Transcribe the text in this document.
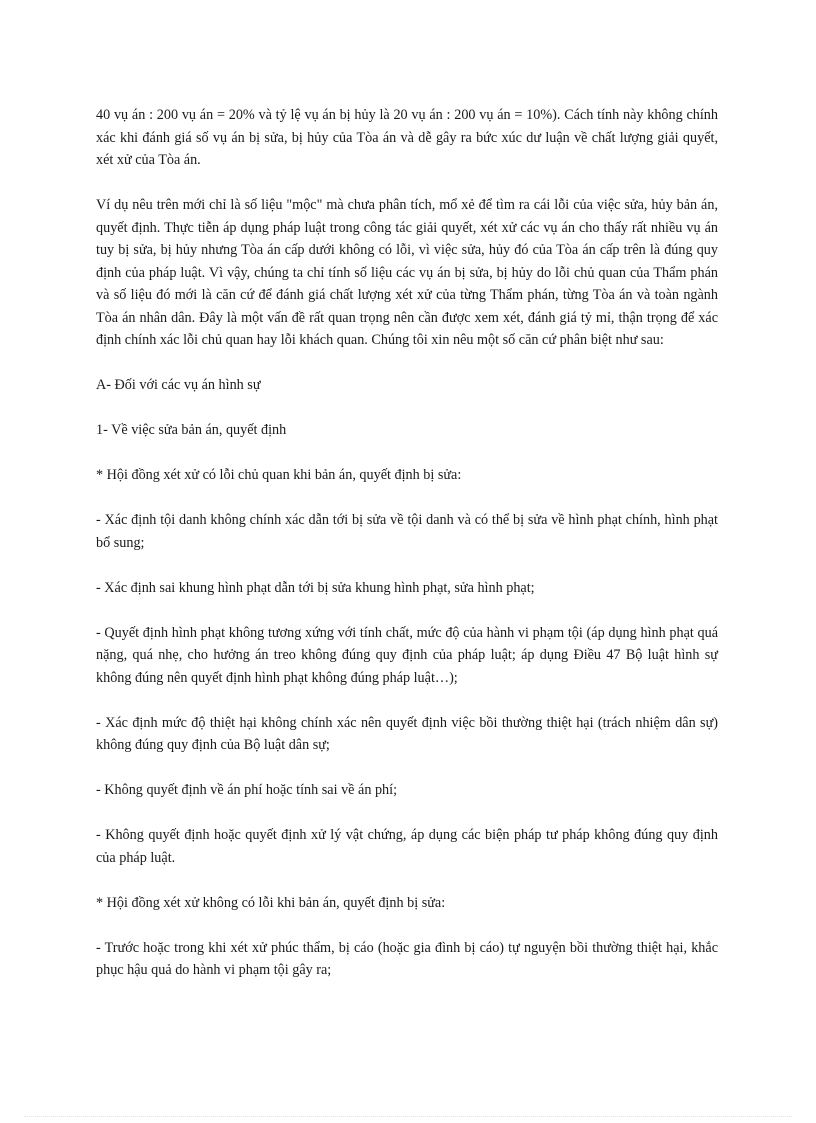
40 vụ án : 200 vụ án = 20% và tỷ lệ vụ án bị hủy là 20 vụ án : 200 vụ án = 10%). Cách tính này không chính xác khi đánh giá số vụ án bị sửa, bị hủy của Tòa án và dễ gây ra bức xúc dư luận về chất lượng giải quyết, xét xử của Tòa án.

Ví dụ nêu trên mới chỉ là số liệu "mộc" mà chưa phân tích, mổ xẻ để tìm ra cái lỗi của việc sửa, hủy bản án, quyết định. Thực tiễn áp dụng pháp luật trong công tác giải quyết, xét xử các vụ án cho thấy rất nhiều vụ án tuy bị sửa, bị hủy nhưng Tòa án cấp dưới không có lỗi, vì việc sửa, hủy đó của Tòa án cấp trên là đúng quy định của pháp luật. Vì vậy, chúng ta chỉ tính số liệu các vụ án bị sửa, bị hủy do lỗi chủ quan của Thẩm phán và số liệu đó mới là căn cứ để đánh giá chất lượng xét xử của từng Thẩm phán, từng Tòa án và toàn ngành Tòa án nhân dân. Đây là một vấn đề rất quan trọng nên cần được xem xét, đánh giá tỷ mỉ, thận trọng để xác định chính xác lỗi chủ quan hay lỗi khách quan. Chúng tôi xin nêu một số căn cứ phân biệt như sau:

A- Đối với các vụ án hình sự

1- Về việc sửa bản án, quyết định

* Hội đồng xét xử có lỗi chủ quan khi bản án, quyết định bị sửa:

- Xác định tội danh không chính xác dẫn tới bị sửa về tội danh và có thể bị sửa về hình phạt chính, hình phạt bổ sung;

- Xác định sai khung hình phạt dẫn tới bị sửa khung hình phạt, sửa hình phạt;

- Quyết định hình phạt không tương xứng với tính chất, mức độ của hành vi phạm tội (áp dụng hình phạt quá nặng, quá nhẹ, cho hưởng án treo không đúng quy định của pháp luật; áp dụng Điều 47 Bộ luật hình sự không đúng nên quyết định hình phạt không đúng pháp luật…);

- Xác định mức độ thiệt hại không chính xác nên quyết định việc bồi thường thiệt hại (trách nhiệm dân sự) không đúng quy định của Bộ luật dân sự;

- Không quyết định về án phí hoặc tính sai về án phí;

- Không quyết định hoặc quyết định xử lý vật chứng, áp dụng các biện pháp tư pháp không đúng quy định của pháp luật.

* Hội đồng xét xử không có lỗi khi bản án, quyết định bị sửa:

- Trước hoặc trong khi xét xử phúc thẩm, bị cáo (hoặc gia đình bị cáo) tự nguyện bồi thường thiệt hại, khắc phục hậu quả do hành vi phạm tội gây ra;
